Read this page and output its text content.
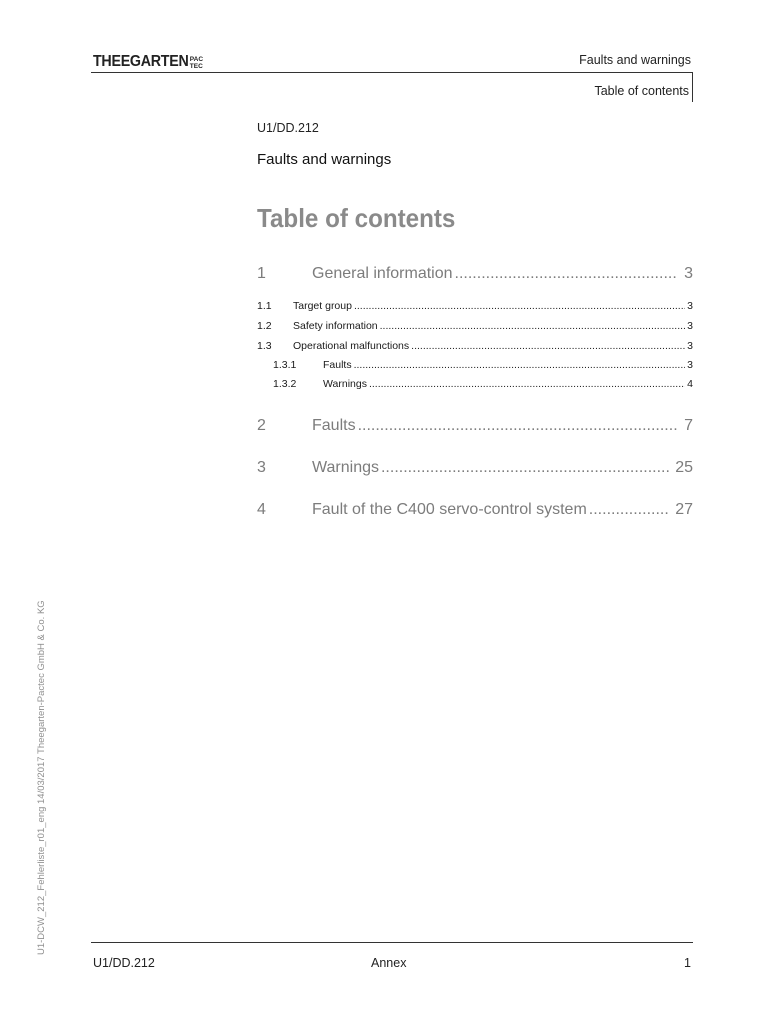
THEEGARTEN PAC
TEC	Faults and warnings
Table of contents
U1/DD.212
Faults and warnings
Table of contents
1	General information .....	3
1.1	Target group .....	3
1.2	Safety information .....	3
1.3	Operational malfunctions .....	3
1.3.1	Faults .....	3
1.3.2	Warnings .....	4
2	Faults .....	7
3	Warnings .....	25
4	Fault of the C400 servo-control system .....	27
U1-DCW_212_Fehlerliste_r01_eng 14/03/2017 Theegarten-Pactec GmbH & Co. KG
U1/DD.212	Annex	1
